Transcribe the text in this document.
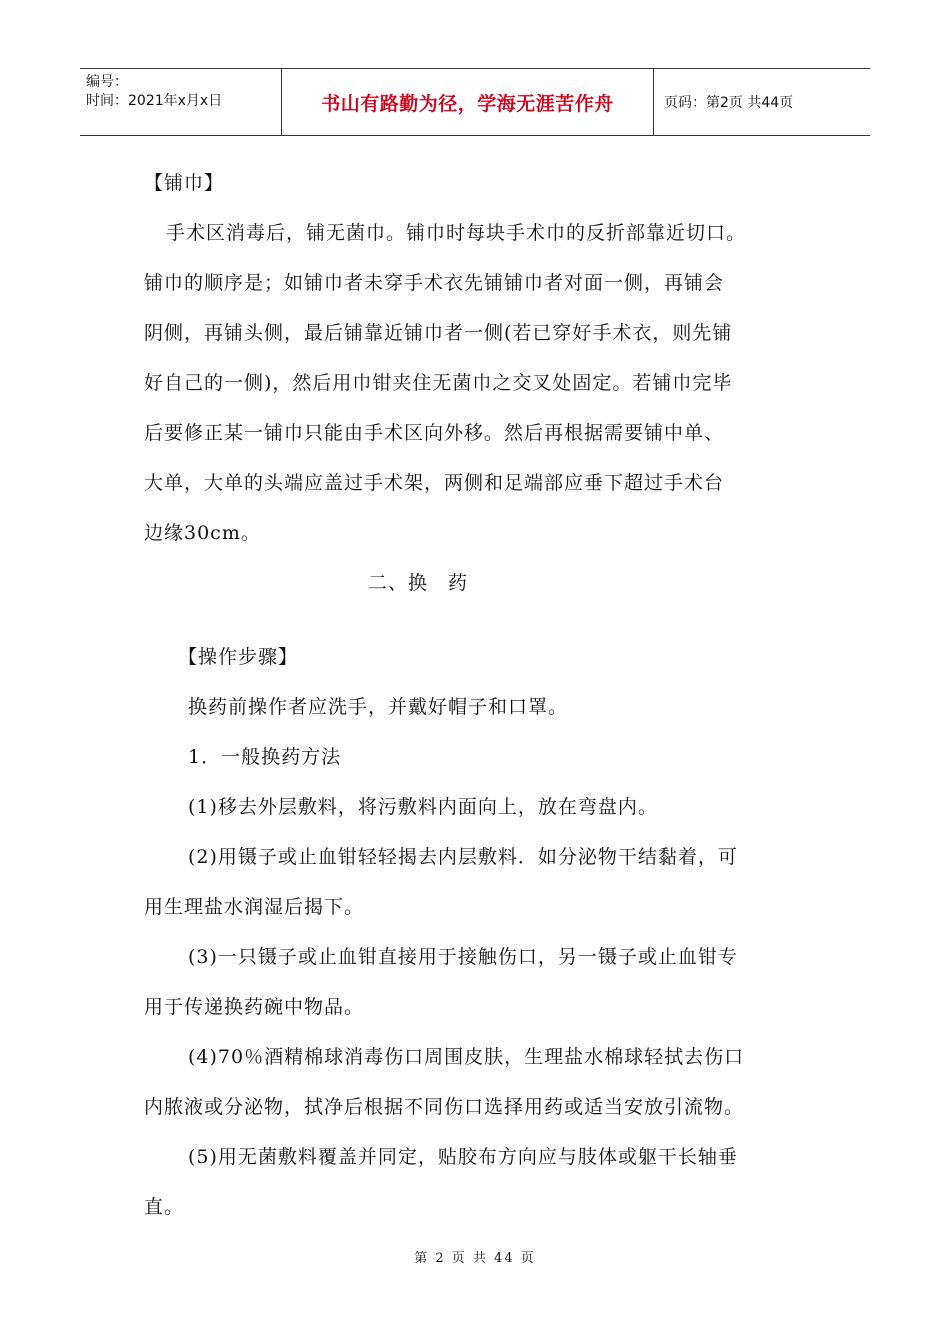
编号：
时间：2021年x月x日	书山有路勤为径，学海无涯苦作舟	页码：第2页 共44页
【铺巾】
手术区消毒后，铺无菌巾。铺巾时每块手术巾的反折部靠近切口。
铺巾的顺序是；如铺巾者未穿手术衣先铺铺巾者对面一侧，再铺会
阴侧，再铺头侧，最后铺靠近铺巾者一侧(若已穿好手术衣，则先铺
好自己的一侧)，然后用巾钳夹住无菌巾之交叉处固定。若铺巾完毕
后要修正某一铺巾只能由手术区向外移。然后再根据需要铺中单、
大单，大单的头端应盖过手术架，两侧和足端部应垂下超过手术台
边缘30cm。
二、换　药
【操作步骤】
换药前操作者应洗手，并戴好帽子和口罩。
1．一般换药方法
(1)移去外层敷料，将污敷料内面向上，放在弯盘内。
(2)用镊子或止血钳轻轻揭去内层敷料．如分泌物干结黏着，可
用生理盐水润湿后揭下。
(3)一只镊子或止血钳直接用于接触伤口，另一镊子或止血钳专
用于传递换药碗中物品。
(4)70％酒精棉球消毒伤口周围皮肤，生理盐水棉球轻拭去伤口
内脓液或分泌物，拭净后根据不同伤口选择用药或适当安放引流物。
(5)用无菌敷料覆盖并同定，贴胶布方向应与肢体或躯干长轴垂
直。
第 2 页 共 44 页
